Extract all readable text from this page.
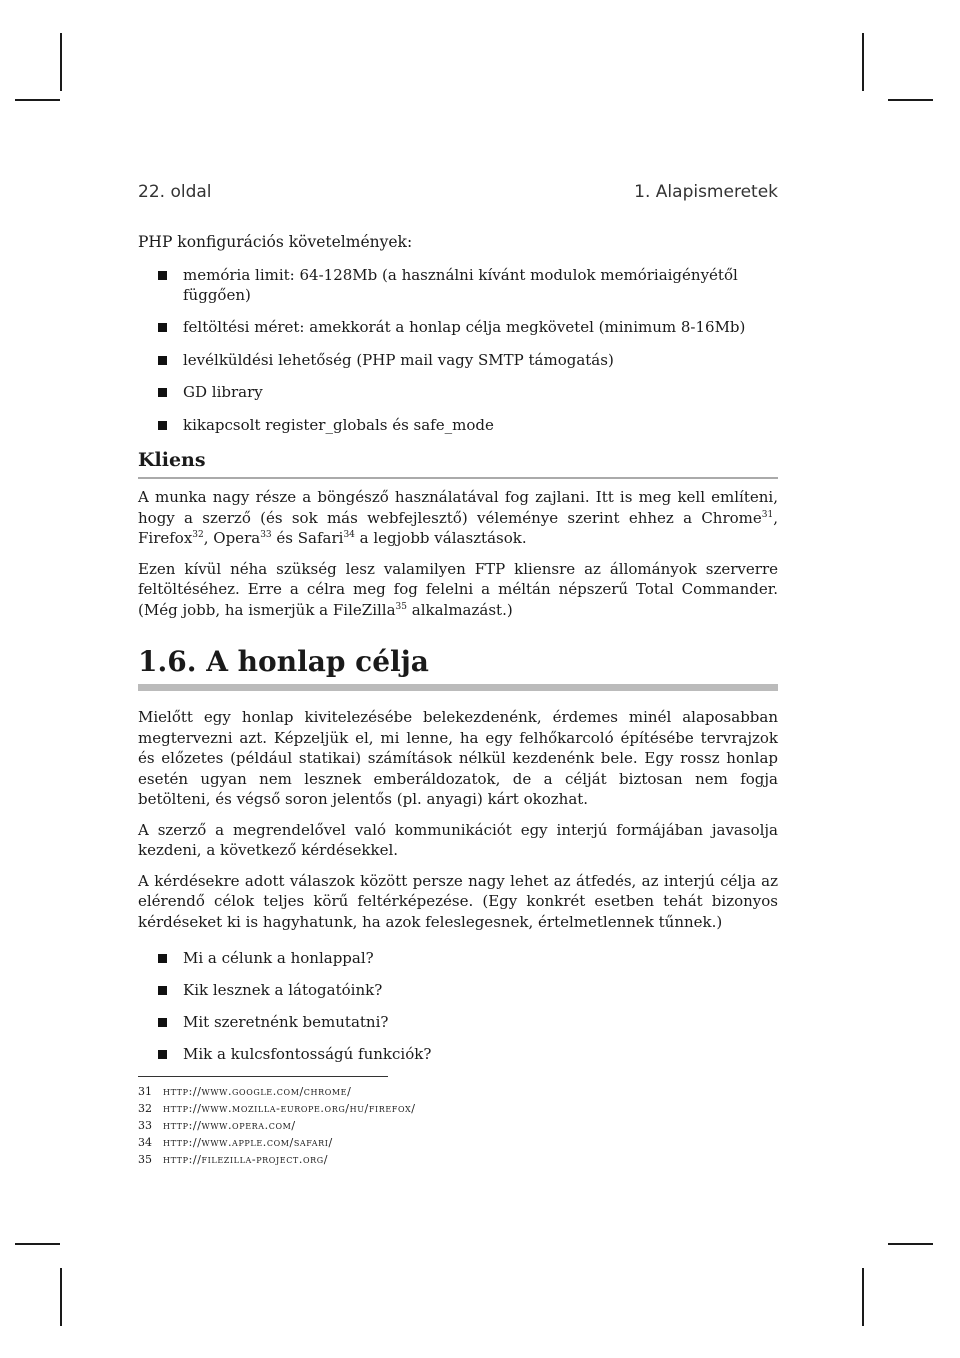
22. oldal	1. Alapismeretek

PHP konfigurációs követelmények:

memória limit: 64-128Mb (a használni kívánt modulok memóriaigényétől függően)
feltöltési méret: amekkorát a honlap célja megkövetel (minimum 8-16Mb)
levélküldési lehetőség (PHP mail vagy SMTP támogatás)
GD library
kikapcsolt register_globals és safe_mode
Kliens

A munka nagy része a böngésző használatával fog zajlani. Itt is meg kell említeni, hogy a szerző (és sok más webfejlesztő) véleménye szerint ehhez a Chrome$^{31}$, Firefox$^{32}$, Opera$^{33}$ és Safari$^{34}$ a legjobb választások.

Ezen kívül néha szükség lesz valamilyen FTP kliensre az állományok szerverre feltöltéséhez. Erre a célra meg fog felelni a méltán népszerű Total Commander. (Még jobb, ha ismerjük a FileZilla$^{35}$ alkalmazást.)

1.6. A honlap célja

Mielőtt egy honlap kivitelezésébe belekezdenénk, érdemes minél alaposabban megtervezni azt. Képzeljük el, mi lenne, ha egy felhőkarcoló építésébe tervrajzok és előzetes (például statikai) számítások nélkül kezdenénk bele. Egy rossz honlap esetén ugyan nem lesznek emberáldozatok, de a célját biztosan nem fogja betölteni, és végső soron jelentős (pl. anyagi) kárt okozhat.

A szerző a megrendelővel való kommunikációt egy interjú formájában javasolja kezdeni, a következő kérdésekkel.

A kérdésekre adott válaszok között persze nagy lehet az átfedés, az interjú célja az elérendő célok teljes körű feltérképezése. (Egy konkrét esetben tehát bizonyos kérdéseket ki is hagyhatunk, ha azok feleslegesnek, értelmetlennek tűnnek.)

Mi a célunk a honlappal?
Kik lesznek a látogatóink?
Mit szeretnénk bemutatni?
Mik a kulcsfontosságú funkciók?
31 http://www.google.com/chrome/
32 http://www.mozilla-europe.org/hu/firefox/
33 http://www.opera.com/
34 http://www.apple.com/safari/
35 http://filezilla-project.org/
